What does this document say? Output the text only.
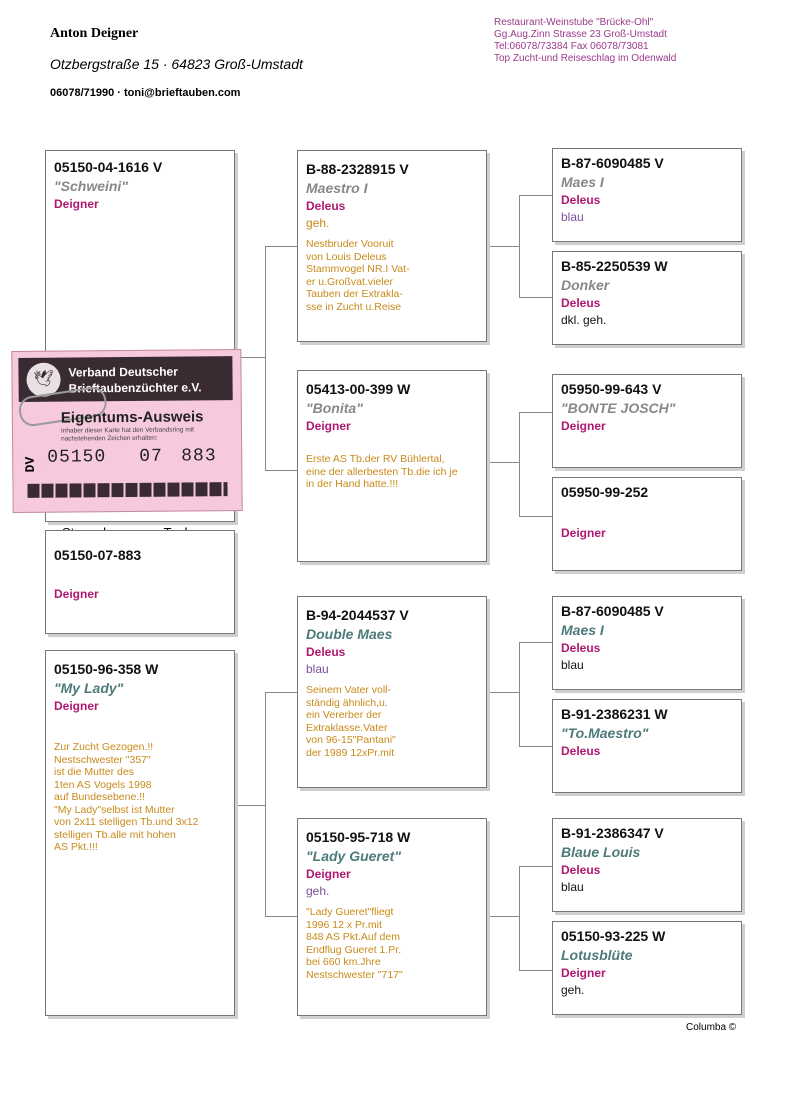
Anton Deigner
Otzbergstraße 15 · 64823 Groß-Umstadt
06078/71990 · toni@brieftauben.com
Restaurant-Weinstube "Brücke-Ohl"
Gg.Aug.Zinn Strasse 23 Groß-Umstadt
Tel:06078/73384 Fax 06078/73081
Top Zucht-und Reiseschlag im Odenwald
05150-04-1616 V
"Schweini"
Deigner
05150-07-883
Deigner
05150-96-358 W
"My Lady"
Deigner
Zur Zucht Gezogen.!!
Nestschwester "357"
ist die Mutter des
1ten AS Vogels 1998
auf Bundesebene.!!
"My Lady"selbst ist Mutter
von 2x11 stelligen Tb.und 3x12
stelligen Tb.alle mit hohen
AS Pkt.!!!
🕊	Verband Deutscher
Brieftaubenzüchter e.V.
Eigentums-Ausweis
Inhaber dieser Karte hat den Verbandsring mit nachstehenden Zeichen erhalten:
DV 05150 07 883
B-88-2328915 V
Maestro I
Deleus
geh.
Nestbruder Vooruit
von Louis Deleus
Stammvogel NR.I Vat-
er u.Großvat.vieler
Tauben der Extrakla-
sse in Zucht u.Reise
05413-00-399 W
"Bonita"
Deigner
Erste AS Tb.der RV Bühlertal,
eine der allerbesten Tb.die ich je
in der Hand hatte.!!!
B-94-2044537 V
Double Maes
Deleus
blau
Seinem Vater voll-
ständig ähnlich,u.
ein Vererber der
Extraklasse.Vater
von 96-15"Pantani"
der 1989 12xPr.mit
05150-95-718 W
"Lady Gueret"
Deigner
geh.
"Lady Gueret"fliegt
1996 12 x Pr.mit
848 AS Pkt.Auf dem
Endflug Gueret 1.Pr.
bei 660 km.Jhre
Nestschwester "717"
B-87-6090485 V
Maes I
Deleus
blau
B-85-2250539 W
Donker
Deleus
dkl. geh.
05950-99-643 V
"BONTE JOSCH"
Deigner
05950-99-252
Deigner
B-87-6090485 V
Maes I
Deleus
blau
B-91-2386231 W
"To.Maestro"
Deleus
B-91-2386347 V
Blaue Louis
Deleus
blau
05150-93-225 W
Lotusblüte
Deigner
geh.
Columba ©
